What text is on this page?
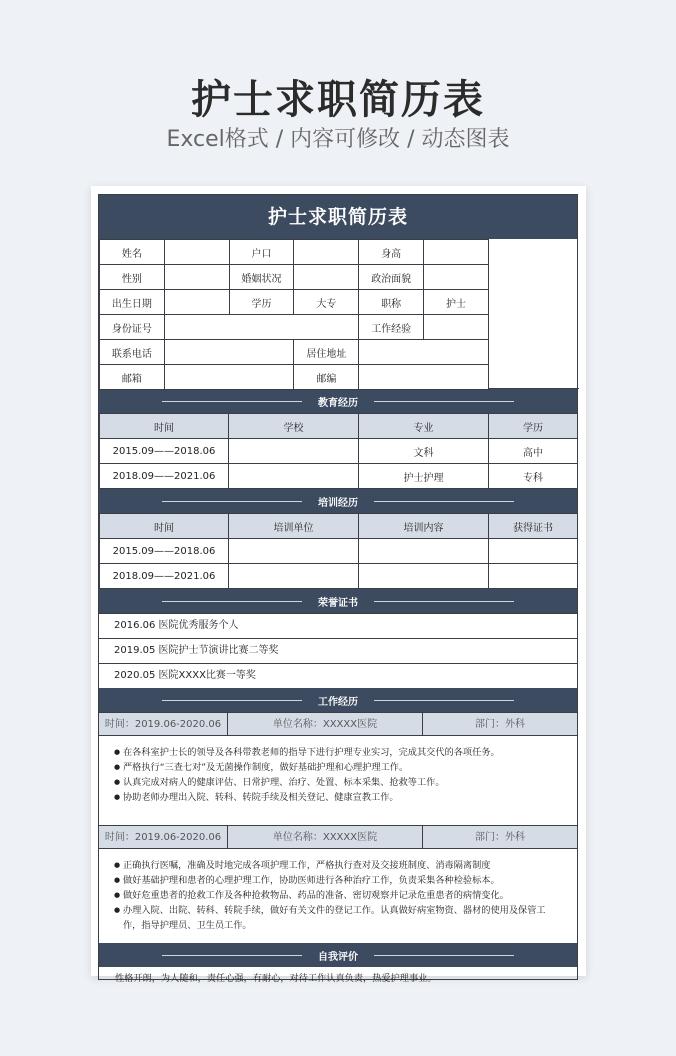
护士求职简历表
Excel格式 / 内容可修改 / 动态图表
护士求职简历表
姓名		户口		身高	
性别		婚姻状况		政治面貌	
出生日期		学历	大专	职称	护士
身份证号				工作经验	
联系电话			居住地址		
邮箱			邮编		
教育经历
时间	学校	专业	学历
2015.09——2018.06		文科	高中
2018.09——2021.06		护士护理	专科
培训经历
时间	培训单位	培训内容	获得证书
2015.09——2018.06			
2018.09——2021.06			
荣誉证书
2016.06 医院优秀服务个人
2019.05 医院护士节演讲比赛二等奖
2020.05 医院XXXX比赛一等奖
工作经历
时间：2019.06-2020.06	单位名称：XXXXX医院	部门：外科
● 在各科室护士长的领导及各科带教老师的指导下进行护理专业实习，完成其交代的各项任务。
● 严格执行“三查七对”及无菌操作制度，做好基础护理和心理护理工作。
● 认真完成对病人的健康评估、日常护理、治疗、处置、标本采集、抢救等工作。
● 协助老师办理出入院、转科、转院手续及相关登记、健康宣教工作。
时间：2019.06-2020.06	单位名称：XXXXX医院	部门：外科
● 正确执行医嘱，准确及时地完成各项护理工作，严格执行查对及交接班制度、消毒隔离制度
● 做好基础护理和患者的心理护理工作，协助医师进行各种治疗工作，负责采集各种检验标本。
● 做好危重患者的抢救工作及各种抢救物品、药品的准备、密切观察并记录危重患者的病情变化。
● 办理入院、出院、转科、转院手续，做好有关文件的登记工作。认真做好病室物资、器材的使用及保管工作，指导护理员、卫生员工作。
自我评价
性格开朗，为人随和，责任心强，有耐心，对待工作认真负责，热爱护理事业。
